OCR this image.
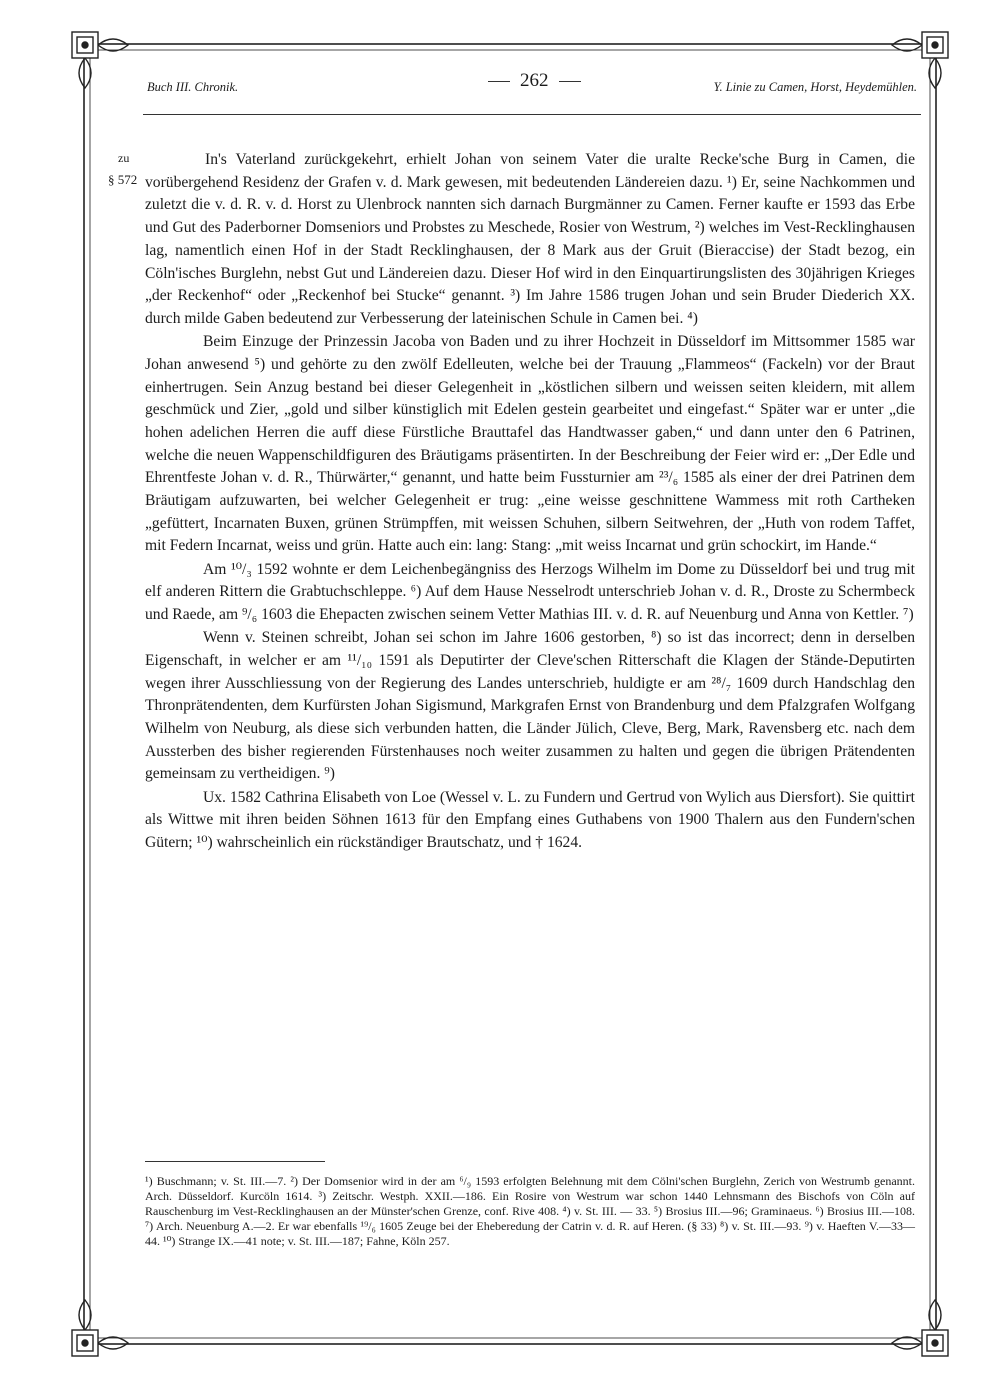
Buch III. Chronik.	262	Y. Linie zu Camen, Horst, Heydemühlen.
zu
§ 572

In's Vaterland zurückgekehrt, erhielt Johan von seinem Vater die uralte Recke'sche Burg in Camen, die vorübergehend Residenz der Grafen v. d. Mark gewesen, mit bedeutenden Ländereien dazu. ¹) Er, seine Nachkommen und zuletzt die v. d. R. v. d. Horst zu Ulenbrock nannten sich darnach Burgmänner zu Camen. Ferner kaufte er 1593 das Erbe und Gut des Paderborner Domseniors und Probstes zu Meschede, Rosier von Westrum, ²) welches im Vest-Recklinghausen lag, namentlich einen Hof in der Stadt Recklinghausen, der 8 Mark aus der Gruit (Bieraccise) der Stadt bezog, ein Cöln'isches Burglehn, nebst Gut und Ländereien dazu. Dieser Hof wird in den Einquartirungslisten des 30jährigen Krieges „der Reckenhof“ oder „Reckenhof bei Stucke“ genannt. ³) Im Jahre 1586 trugen Johan und sein Bruder Diederich XX. durch milde Gaben bedeutend zur Verbesserung der lateinischen Schule in Camen bei. ⁴)

Beim Einzuge der Prinzessin Jacoba von Baden und zu ihrer Hochzeit in Düsseldorf im Mittsommer 1585 war Johan anwesend ⁵) und gehörte zu den zwölf Edelleuten, welche bei der Trauung „Flammeos“ (Fackeln) vor der Braut einhertrugen. Sein Anzug bestand bei dieser Gelegenheit in „köstlichen silbern und weissen seiten kleidern, mit allem geschmück und Zier, „gold und silber künstiglich mit Edelen gestein gearbeitet und eingefast.“ Später war er unter „die hohen adelichen Herren die auff diese Fürstliche Brauttafel das Handtwasser gaben,“ und dann unter den 6 Patrinen, welche die neuen Wappenschildfiguren des Bräutigams präsentirten. In der Beschreibung der Feier wird er: „Der Edle und Ehrentfeste Johan v. d. R., Thürwärter,“ genannt, und hatte beim Fussturnier am ²³/₆ 1585 als einer der drei Patrinen dem Bräutigam aufzuwarten, bei welcher Gelegenheit er trug: „eine weisse geschnittene Wammess mit roth Cartheken „gefüttert, Incarnaten Buxen, grünen Strümpffen, mit weissen Schuhen, silbern Seitwehren, der „Huth von rodem Taffet, mit Federn Incarnat, weiss und grün. Hatte auch ein: lang: Stang: „mit weiss Incarnat und grün schockirt, im Hande.“

Am ¹⁰/₃ 1592 wohnte er dem Leichenbegängniss des Herzogs Wilhelm im Dome zu Düsseldorf bei und trug mit elf anderen Rittern die Grabtuchschleppe. ⁶) Auf dem Hause Nesselrodt unterschrieb Johan v. d. R., Droste zu Schermbeck und Raede, am ⁹/₆ 1603 die Ehepacten zwischen seinem Vetter Mathias III. v. d. R. auf Neuenburg und Anna von Kettler. ⁷)

Wenn v. Steinen schreibt, Johan sei schon im Jahre 1606 gestorben, ⁸) so ist das incorrect; denn in derselben Eigenschaft, in welcher er am ¹¹/₁₀ 1591 als Deputirter der Cleve'schen Ritterschaft die Klagen der Stände-Deputirten wegen ihrer Ausschliessung von der Regierung des Landes unterschrieb, huldigte er am ²⁸/₇ 1609 durch Handschlag den Thronprätendenten, dem Kurfürsten Johan Sigismund, Markgrafen Ernst von Brandenburg und dem Pfalzgrafen Wolfgang Wilhelm von Neuburg, als diese sich verbunden hatten, die Länder Jülich, Cleve, Berg, Mark, Ravensberg etc. nach dem Aussterben des bisher regierenden Fürstenhauses noch weiter zusammen zu halten und gegen die übrigen Prätendenten gemeinsam zu vertheidigen. ⁹)

Ux. 1582 Cathrina Elisabeth von Loe (Wessel v. L. zu Fundern und Gertrud von Wylich aus Diersfort). Sie quittirt als Wittwe mit ihren beiden Söhnen 1613 für den Empfang eines Guthabens von 1900 Thalern aus den Fundern'schen Gütern; ¹⁰) wahrscheinlich ein rückständiger Brautschatz, und † 1624.

¹) Buschmann; v. St. III.—7. ²) Der Domsenior wird in der am ⁶/₉ 1593 erfolgten Belehnung mit dem Cölni'schen Burglehn, Zerich von Westrumb genannt. Arch. Düsseldorf. Kurcöln 1614. ³) Zeitschr. Westph. XXII.—186. Ein Rosire von Westrum war schon 1440 Lehnsmann des Bischofs von Cöln auf Rauschenburg im Vest-Recklinghausen an der Münster'schen Grenze, conf. Rive 408. ⁴) v. St. III. — 33. ⁵) Brosius III.—96; Graminaeus. ⁶) Brosius III.—108. ⁷) Arch. Neuenburg A.—2. Er war ebenfalls ¹⁹/₆ 1605 Zeuge bei der Eheberedung der Catrin v. d. R. auf Heren. (§ 33) ⁸) v. St. III.—93. ⁹) v. Haeften V.—33—44. ¹⁰) Strange IX.—41 note; v. St. III.—187; Fahne, Köln 257.
